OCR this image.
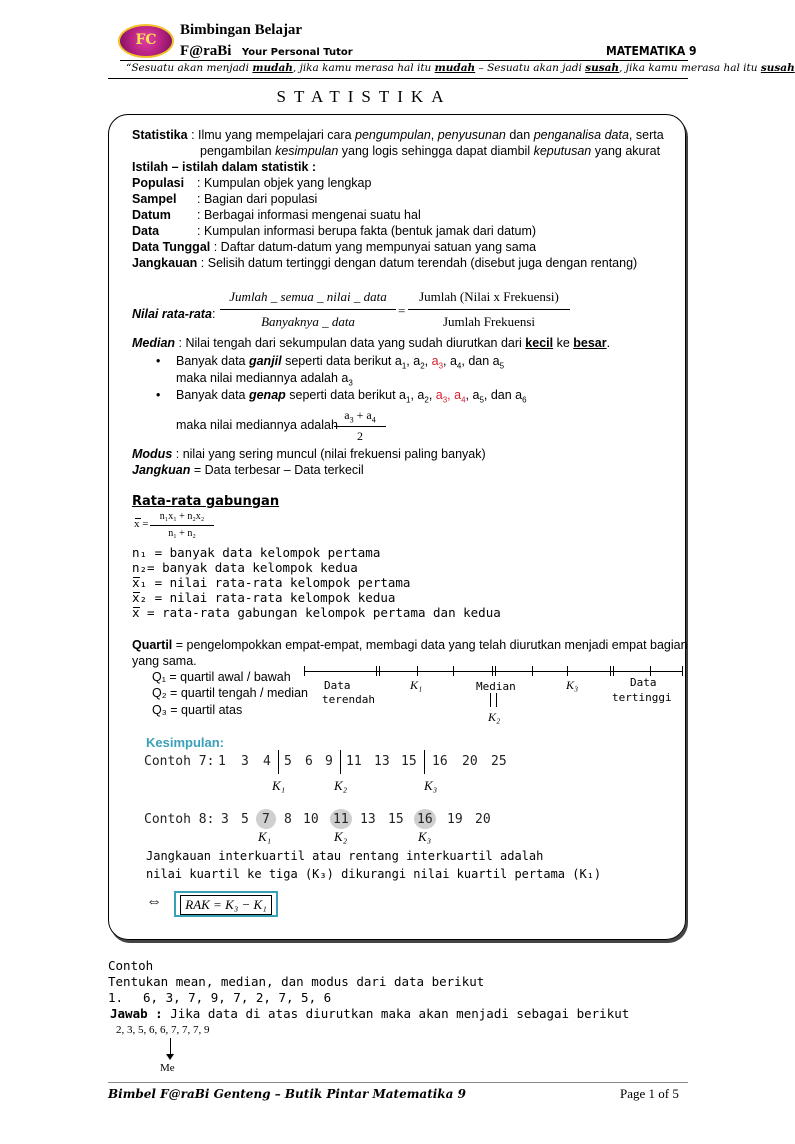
FC
Bimbingan Belajar
F@raBi Your Personal Tutor	MATEMATIKA 9
“Sesuatu akan menjadi mudah, jika kamu merasa hal itu mudah – Sesuatu akan jadi susah, jika kamu merasa hal itu susah
STATISTIKA
Statistika : Ilmu yang mempelajari cara pengumpulan, penyusunan dan penganalisa data, serta
pengambilan kesimpulan yang logis sehingga dapat diambil keputusan yang akurat
Istilah – istilah dalam statistik :
Populasi : Kumpulan objek yang lengkap
Sampel : Bagian dari populasi
Datum : Berbagai informasi mengenai suatu hal
Data	: Kumpulan informasi berupa fakta (bentuk jamak dari datum)
Data Tunggal : Daftar datum-datum yang mempunyai satuan yang sama
Jangkauan : Selisih datum tertinggi dengan datum terendah (disebut juga dengan rentang)
Nilai rata-rata :
Jumlah _ semua _ nilai _ data
Banyaknya _ data
=
Jumlah (Nilai x Frekuensi)
Jumlah Frekuensi
Median : Nilai tengah dari sekumpulan data yang sudah diurutkan dari kecil ke besar.
• Banyak data ganjil seperti data berikut $a_1$, $a_2$, $a_3$, $a_4$, dan $a_5$
maka nilai mediannya adalah $a_3$
• Banyak data genap seperti data berikut $a_1$, $a_2$, $a_3$, $a_4$, $a_5$, dan $a_6$
maka nilai mediannya adalah
$a_3 + a_4$
2
Modus : nilai yang sering muncul (nilai frekuensi paling banyak)
Jangkuan = Data terbesar – Data terkecil
Rata-rata gabungan
x =
n₁x₁ + n₂x₂
n₁ + n₂
n₁ = banyak data kelompok pertama
n₂= banyak data kelompok kedua
x₁ = nilai rata-rata kelompok pertama
x₂ = nilai rata-rata kelompok kedua
x = rata-rata gabungan kelompok pertama dan kedua
Quartil = pengelompokkan empat-empat, membagi data yang telah diurutkan menjadi empat bagian
yang sama.
Q₁ = quartil awal / bawah
Q₂ = quartil tengah / median
Q₃ = quartil atas
Data
terendah
K₁	Median
K₂
K₃	Data
tertinggi
Kesimpulan:
Contoh 7: 1 3 4 5 6 9 11 13 15 16 20 25
K₁	K₂	K₃
Contoh 8: 3 5 7 8 10 11 13 15 16 19 20
K₁	K₂	K₃
Jangkauan interkuartil atau rentang interkuartil adalah
nilai kuartil ke tiga (K₃) dikurangi nilai kuartil pertama (K₁)
⇔	RAK = K₃ − K₁
Contoh
Tentukan mean, median, dan modus dari data berikut
1. 6, 3, 7, 9, 7, 2, 7, 5, 6
Jawab : Jika data di atas diurutkan maka akan menjadi sebagai berikut
2, 3, 5, 6, 6, 7, 7, 7, 9
Me
Bimbel F@raBi Genteng – Butik Pintar Matematika 9	Page 1 of 5
